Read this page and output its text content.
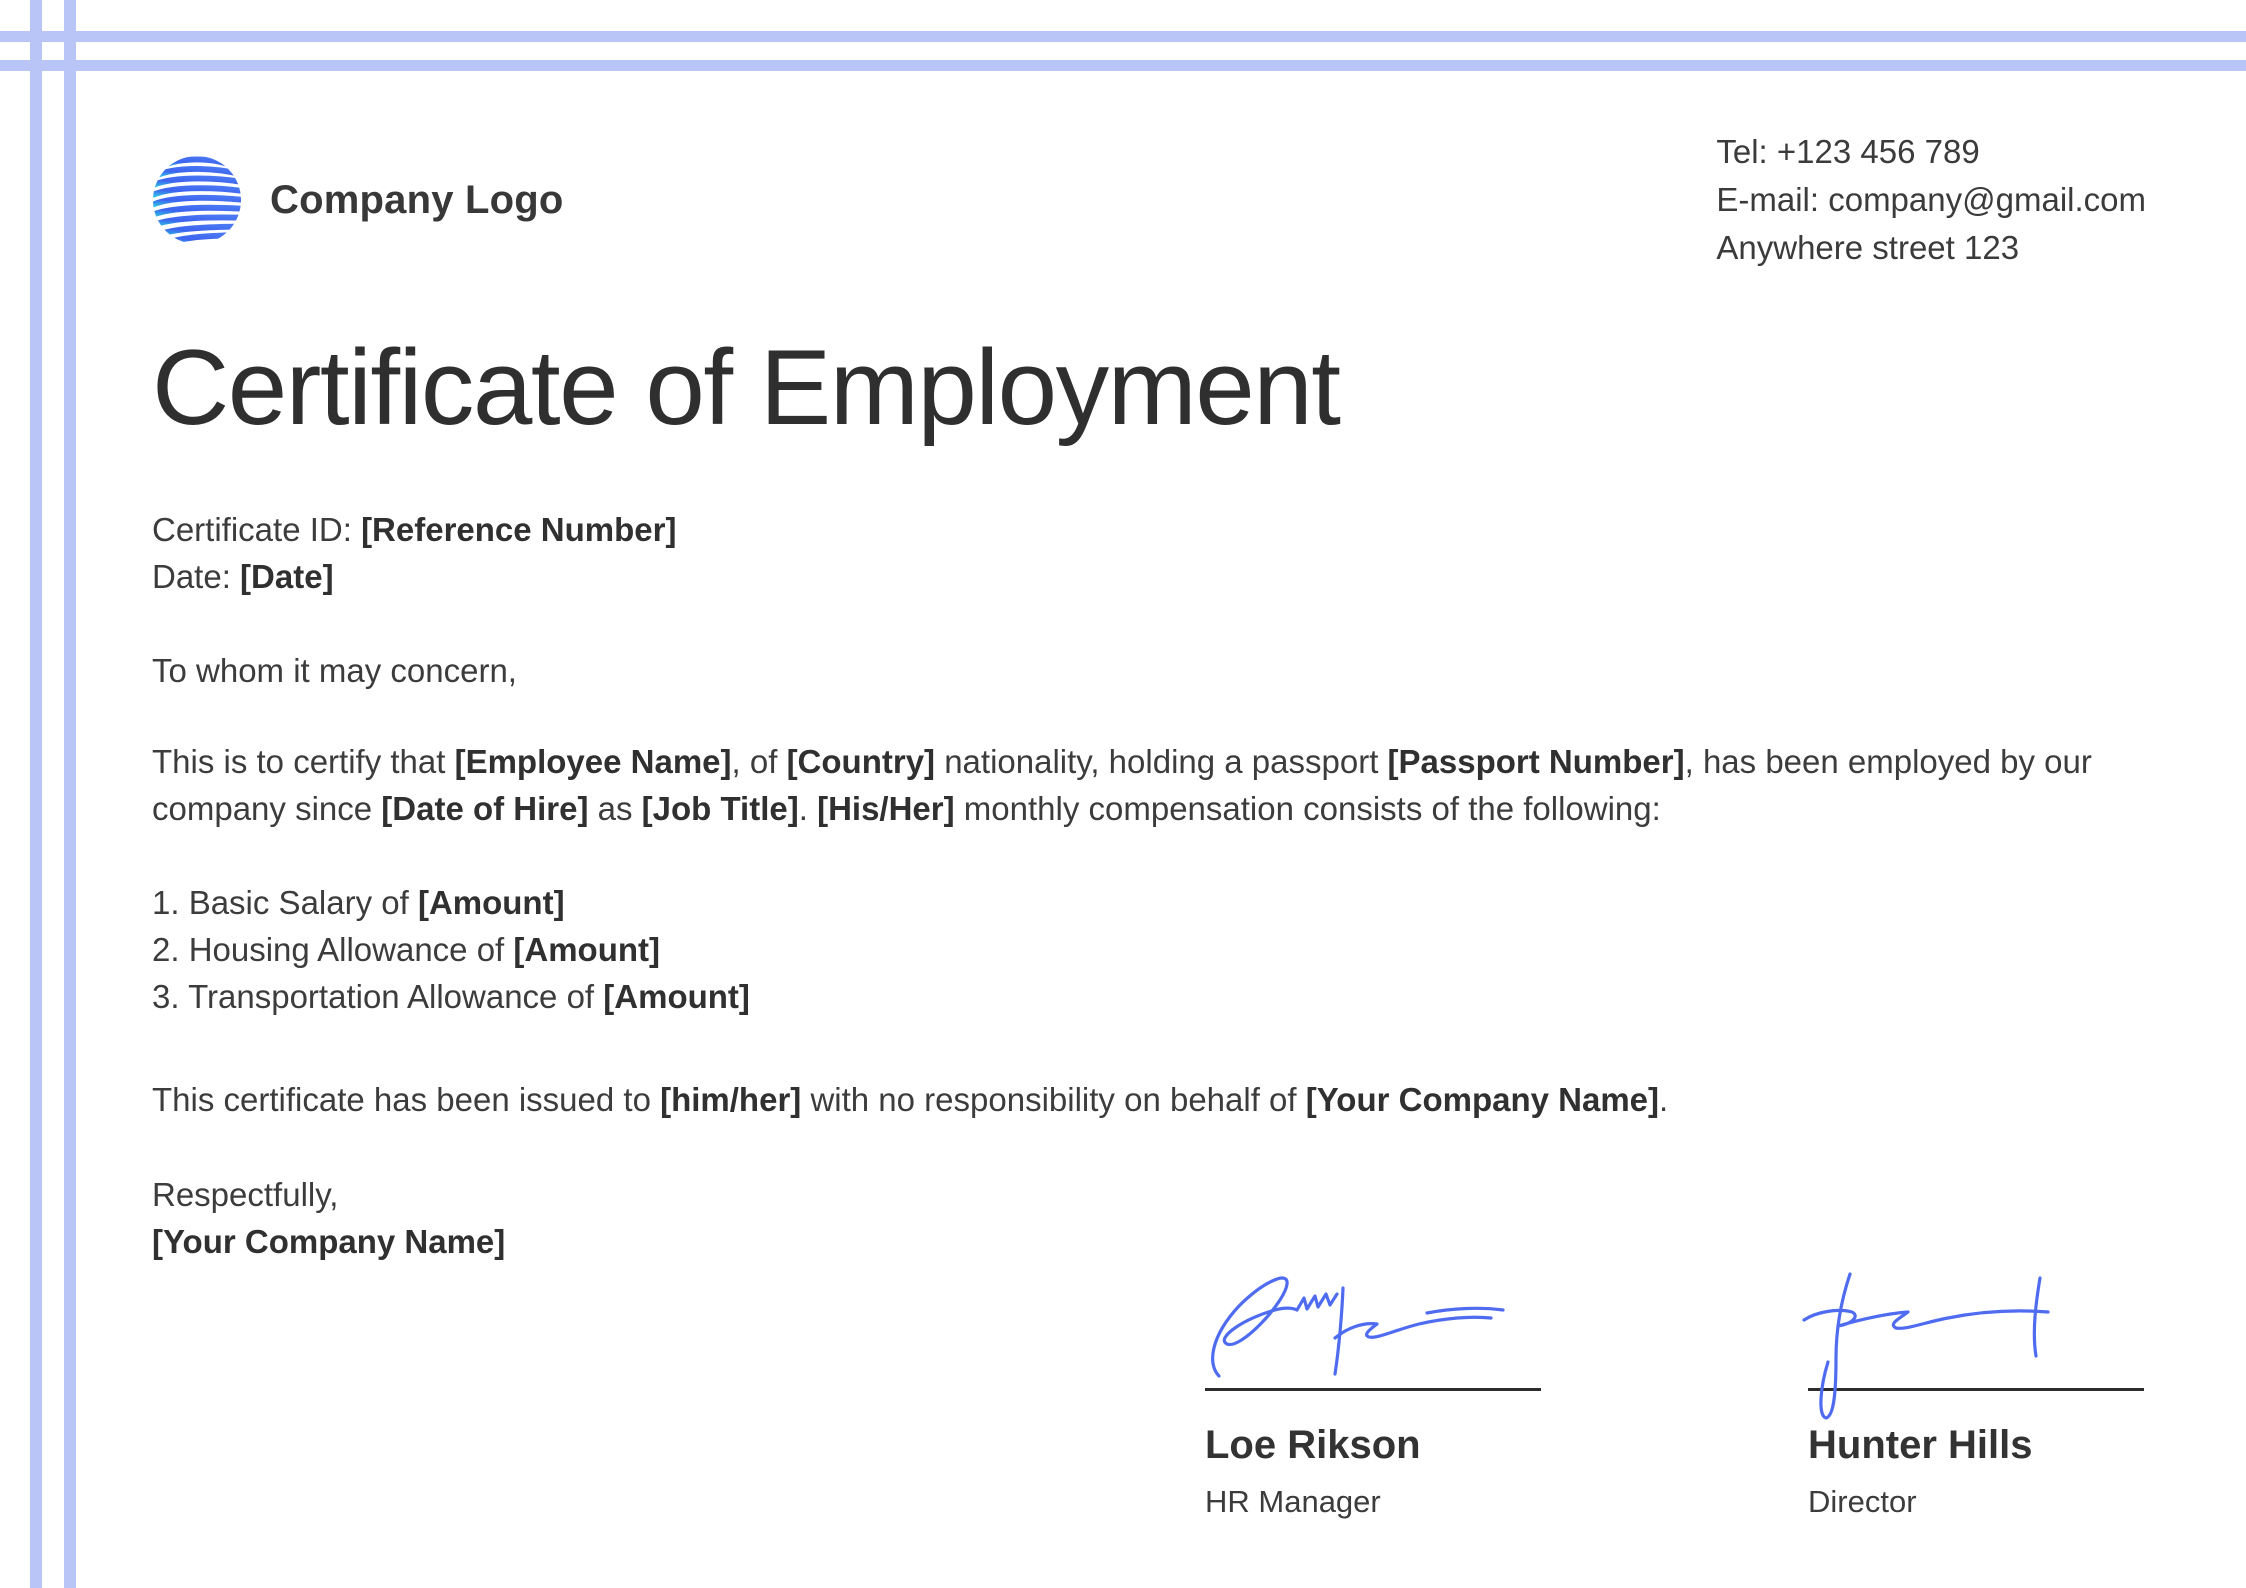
Company Logo
Tel: +123 456 789
E-mail: company@gmail.com
Anywhere street 123
Certificate of Employment
Certificate ID: [Reference Number]
Date: [Date]

To whom it may concern,

This is to certify that [Employee Name], of [Country] nationality, holding a passport [Passport Number], has been employed by our company since [Date of Hire] as [Job Title]. [His/Her] monthly compensation consists of the following:

1. Basic Salary of [Amount]
2. Housing Allowance of [Amount]
3. Transportation Allowance of [Amount]

This certificate has been issued to [him/her] with no responsibility on behalf of [Your Company Name].

Respectfully,
[Your Company Name]
Loe Rikson
HR Manager
Hunter Hills
Director
